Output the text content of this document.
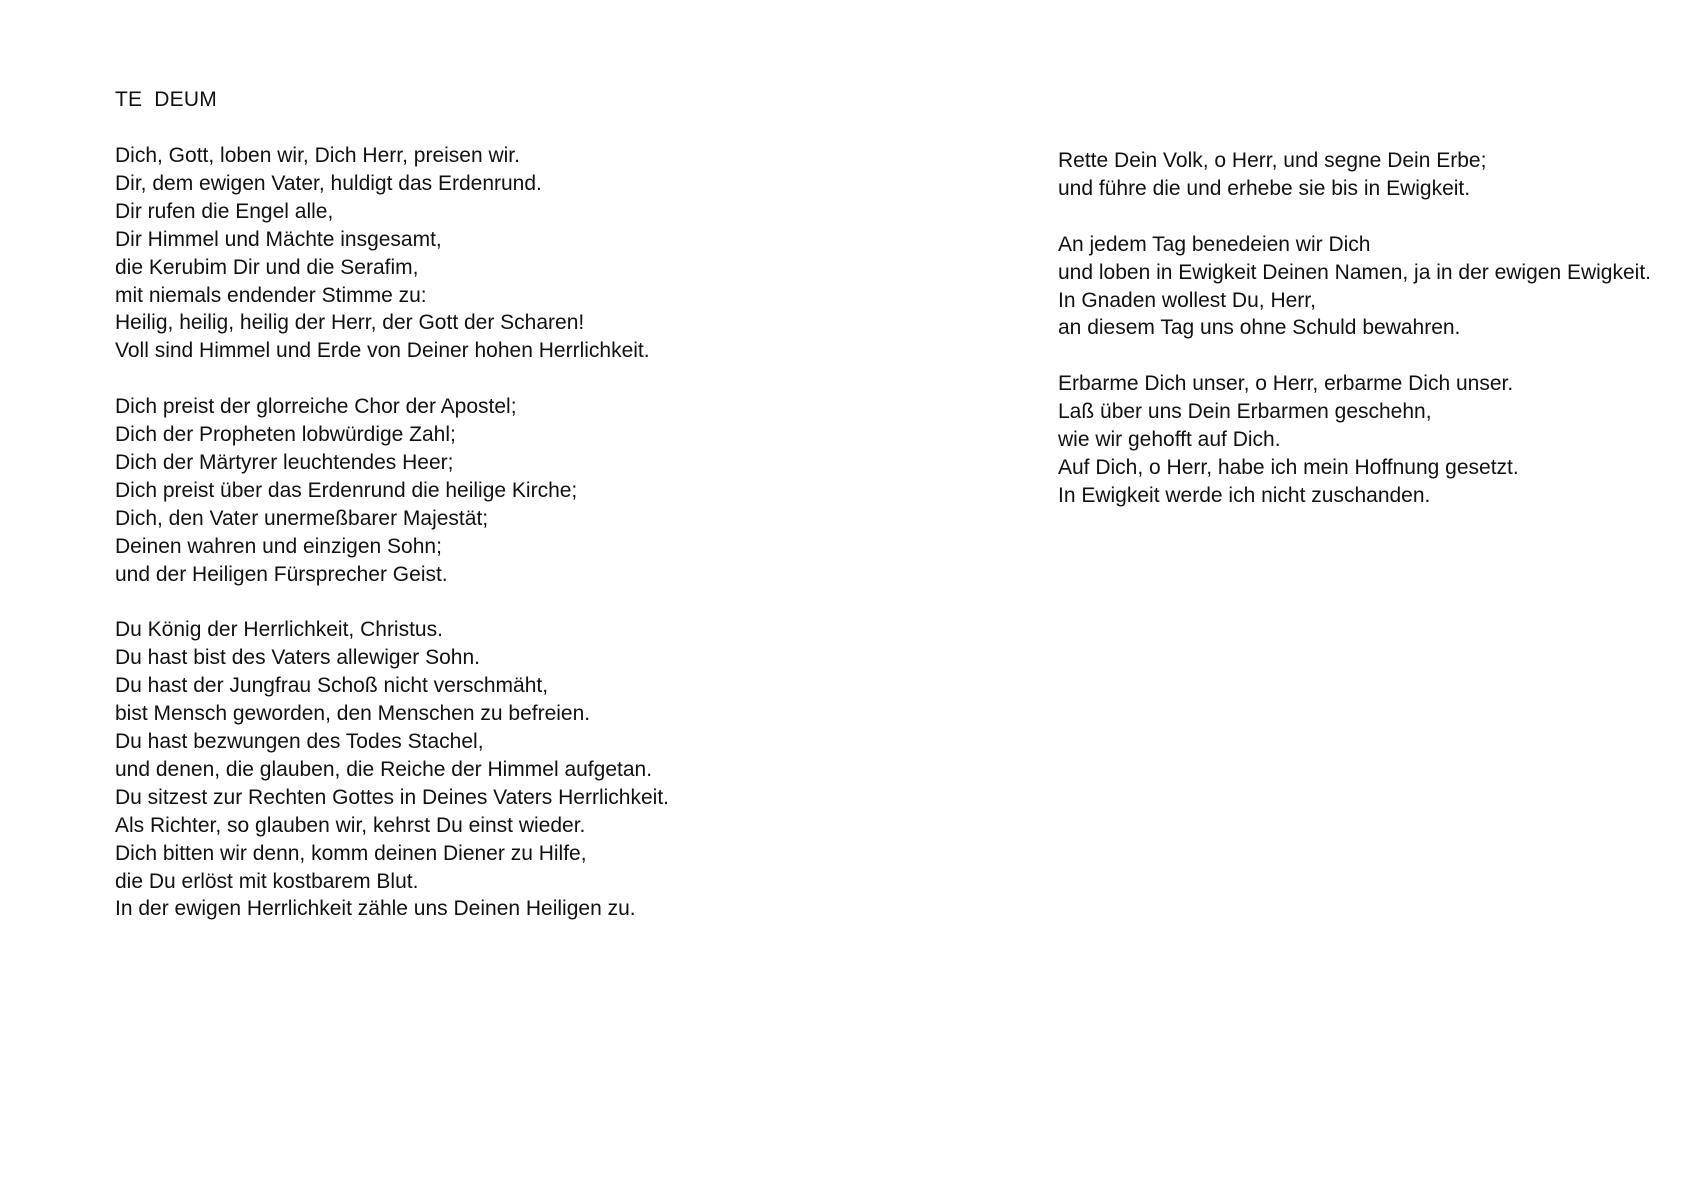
TE  DEUM
Dich, Gott, loben wir, Dich Herr, preisen wir.
Dir, dem ewigen Vater, huldigt das Erdenrund.
Dir rufen die Engel alle,
Dir Himmel und Mächte insgesamt,
die Kerubim Dir und die Serafim,
mit niemals endender Stimme zu:
Heilig, heilig, heilig der Herr, der Gott der Scharen!
Voll sind Himmel und Erde von Deiner hohen Herrlichkeit.
Dich preist der glorreiche Chor der Apostel;
Dich der Propheten lobwürdige Zahl;
Dich der Märtyrer leuchtendes Heer;
Dich preist über das Erdenrund die heilige Kirche;
Dich, den Vater unermeßbarer Majestät;
Deinen wahren und einzigen Sohn;
und der Heiligen Fürsprecher Geist.
Du König der Herrlichkeit, Christus.
Du hast bist des Vaters allewiger Sohn.
Du hast der Jungfrau Schoß nicht verschmäht,
bist Mensch geworden, den Menschen zu befreien.
Du hast bezwungen des Todes Stachel,
und denen, die glauben, die Reiche der Himmel aufgetan.
Du sitzest zur Rechten Gottes in Deines Vaters Herrlichkeit.
Als Richter, so glauben wir, kehrst Du einst wieder.
Dich bitten wir denn, komm deinen Diener zu Hilfe,
die Du erlöst mit kostbarem Blut.
In der ewigen Herrlichkeit zähle uns Deinen Heiligen zu.
Rette Dein Volk, o Herr, und segne Dein Erbe;
und führe die und erhebe sie bis in Ewigkeit.
An jedem Tag benedeien wir Dich
und loben in Ewigkeit Deinen Namen, ja in der ewigen Ewigkeit.
In Gnaden wollest Du, Herr,
an diesem Tag uns ohne Schuld bewahren.
Erbarme Dich unser, o Herr, erbarme Dich unser.
Laß über uns Dein Erbarmen geschehn,
wie wir gehofft auf Dich.
Auf Dich, o Herr, habe ich mein Hoffnung gesetzt.
In Ewigkeit werde ich nicht zuschanden.
